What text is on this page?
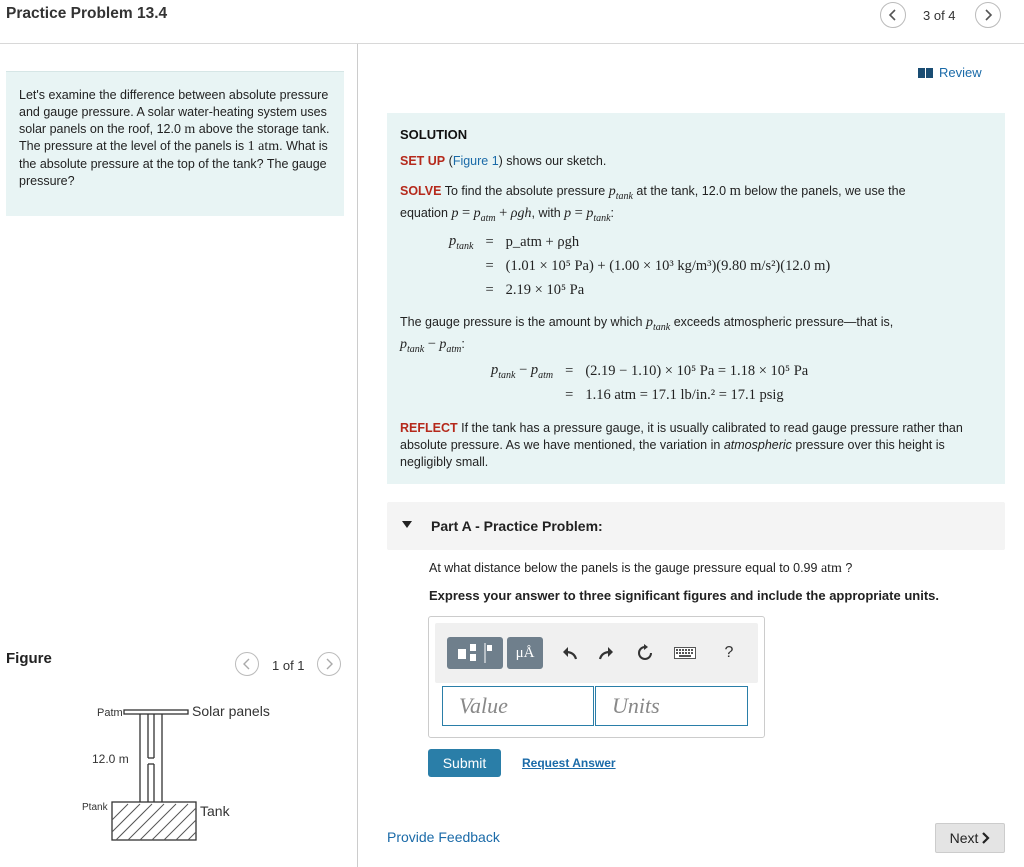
Practice Problem 13.4	3 of 4
Let's examine the difference between absolute pressure and gauge pressure. A solar water-heating system uses solar panels on the roof, 12.0 m above the storage tank. The pressure at the level of the panels is 1 atm. What is the absolute pressure at the top of the tank? The gauge pressure?
Figure	1 of 1
Patm	Solar panels
12.0 m
Ptank	Tank
Review
SOLUTION
SET UP (Figure 1) shows our sketch.
SOLVE To find the absolute pressure $p_{tank}$ at the tank, 12.0 m below the panels, we use the
equation $p = p_{atm} + \rho gh$, with $p = p_{tank}$:
$p_{tank}$	=	p_atm + ρgh
	=	(1.01 × 10⁵ Pa) + (1.00 × 10³ kg/m³)(9.80 m/s²)(12.0 m)
	=	2.19 × 10⁵ Pa
The gauge pressure is the amount by which $p_{tank}$ exceeds atmospheric pressure—that is,
$p_{tank} - p_{atm}$:
$p_{tank} - p_{atm}$	=	(2.19 − 1.10) × 10⁵ Pa = 1.18 × 10⁵ Pa
	=	1.16 atm = 17.1 lb/in.² = 17.1 psig
REFLECT If the tank has a pressure gauge, it is usually calibrated to read gauge pressure rather than absolute pressure. As we have mentioned, the variation in atmospheric pressure over this height is negligibly small.
Part A - Practice Problem:
At what distance below the panels is the gauge pressure equal to 0.99 atm ?
Express your answer to three significant figures and include the appropriate units.
μÅ	?
Value	Units
Submit	Request Answer
Provide Feedback	Next
